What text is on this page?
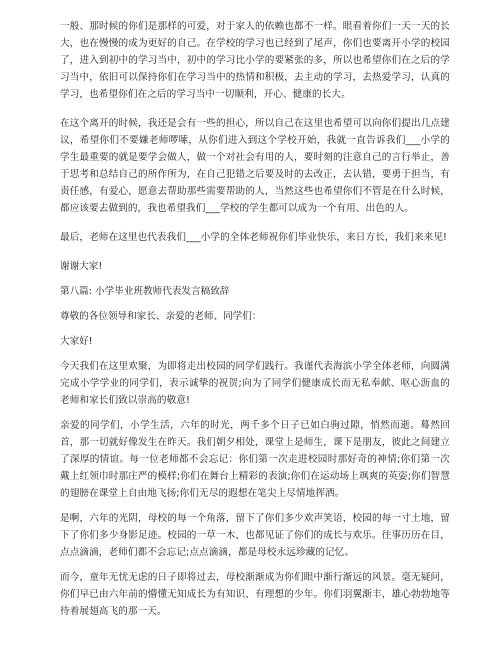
一般、那时候的你们是那样的可爱，对于家人的依赖也都不一样。眼看着你们一天一天的长大，也在慢慢的成为更好的自己。在学校的学习也已经到了尾声，你们也要离开小学的校园了，进入到初中的学习当中，初中的学习比小学的要紧张的多，所以也希望你们在之后的学习当中，依旧可以保持你们在学习当中的热情和积极，去主动的学习，去热爱学习，认真的学习，也希望你们在之后的学习当中一切顺利，开心、健康的长大。

在这个离开的时候，我还是会有一些的担心，所以自己在这里也希望可以向你们提出几点建议，希望你们不要嫌老师啰嗦，从你们进入到这个学校开始，我就一直告诉我们___小学的学生最重要的就是要学会做人，做一个对社会有用的人，要时刻的注意自己的言行举止，善于思考和总结自己的所作所为，在自己犯错之后要及时的去改正，去认错，要勇于担当，有责任感，有爱心，愿意去帮助那些需要帮助的人，当然这些也希望你们不管是在什么时候，都应该要去做到的，我也希望我们___学校的学生都可以成为一个有用、出色的人。

最后，老师在这里也代表我们___小学的全体老师祝你们毕业快乐，来日方长，我们来来见!

谢谢大家!

第八篇: 小学毕业班教师代表发言稿致辞

尊敬的各位领导和家长、亲爱的老师、同学们：

大家好!

今天我们在这里欢聚，为即将走出校园的同学们践行。我谨代表海滨小学全体老师，向圆满完成小学学业的同学们，表示诚挚的祝贺;向为了同学们健康成长而无私奉献、呕心沥血的老师和家长们致以崇高的敬意!

亲爱的同学们，小学生活，六年的时光，两千多个日子已如白驹过隙，悄然而逝。蓦然回首，那一切就好像发生在昨天。我们朝夕相处，课堂上是师生，课下是朋友，彼此之间建立了深厚的情谊。每一位老师都不会忘记：你们第一次走进校园时那好奇的神情;你们第一次戴上红领巾时那庄严的模样;你们在舞台上精彩的表演;你们在运动场上飒爽的英姿;你们智慧的翅膀在课堂上自由地飞扬;你们无尽的遐想在笔尖上尽情地挥洒。

是啊，六年的光阴，母校的每一个角落，留下了你们多少欢声笑语，校园的每一寸土地，留下了你们多少身影足迹。校园的一草一木，也都见证了你们的成长与欢乐。往事历历在目，点点滴滴，老师们都不会忘记;点点滴滴，都是母校永远珍藏的记忆。

而今，童年无忧无虑的日子即将过去，母校渐渐成为你们眼中渐行渐远的风景。毫无疑问，你们早已由六年前的懵懂无知成长为有知识、有理想的少年。你们羽翼渐丰，雄心勃勃地等待着展翅高飞的那一天。
